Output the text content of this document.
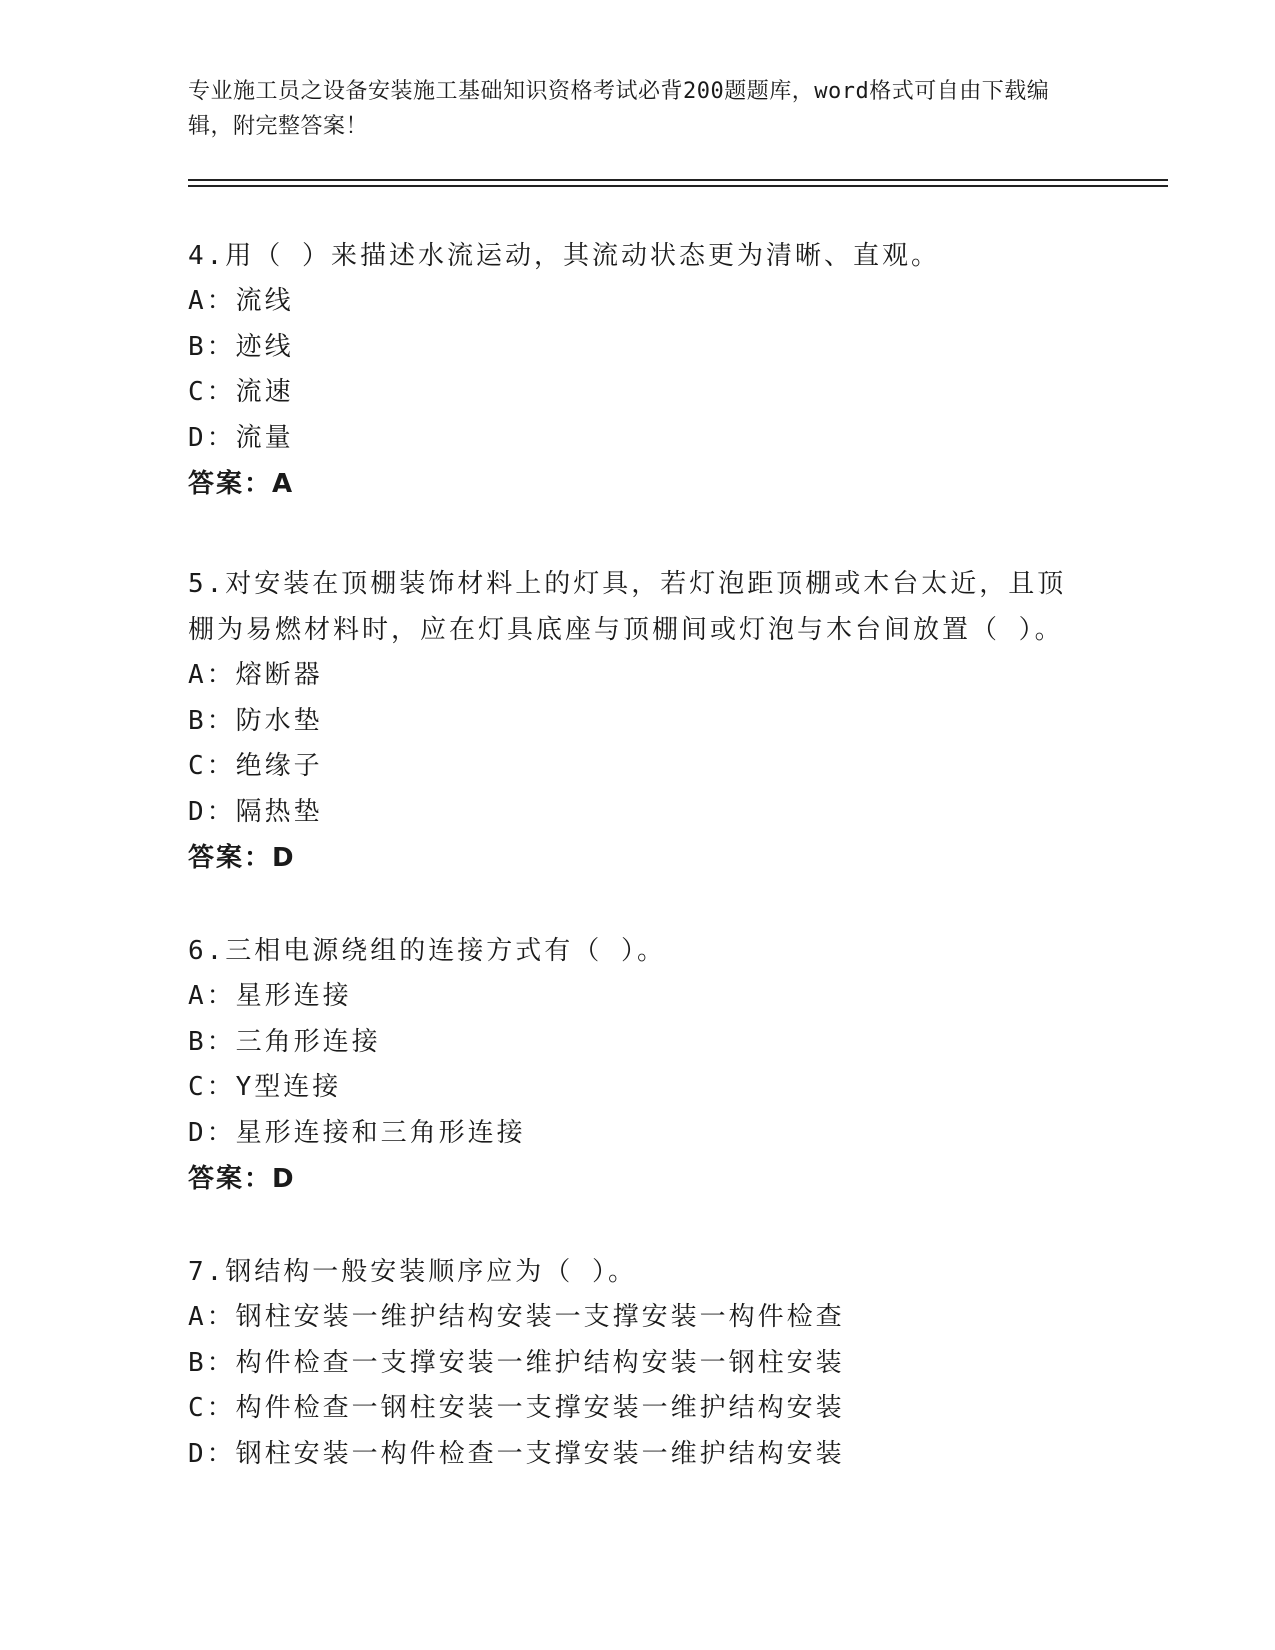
专业施工员之设备安装施工基础知识资格考试必背200题题库，word格式可自由下载编辑，附完整答案！
4.用（ ）来描述水流运动，其流动状态更为清晰、直观。
A：流线
B：迹线
C：流速
D：流量
答案：A
5.对安装在顶棚装饰材料上的灯具，若灯泡距顶棚或木台太近，且顶棚为易燃材料时，应在灯具底座与顶棚间或灯泡与木台间放置（ ）。
A：熔断器
B：防水垫
C：绝缘子
D：隔热垫
答案：D
6.三相电源绕组的连接方式有（ ）。
A：星形连接
B：三角形连接
C：Y型连接
D：星形连接和三角形连接
答案：D
7.钢结构一般安装顺序应为（ ）。
A：钢柱安装一维护结构安装一支撑安装一构件检查
B：构件检查一支撑安装一维护结构安装一钢柱安装
C：构件检查一钢柱安装一支撑安装一维护结构安装
D：钢柱安装一构件检查一支撑安装一维护结构安装
